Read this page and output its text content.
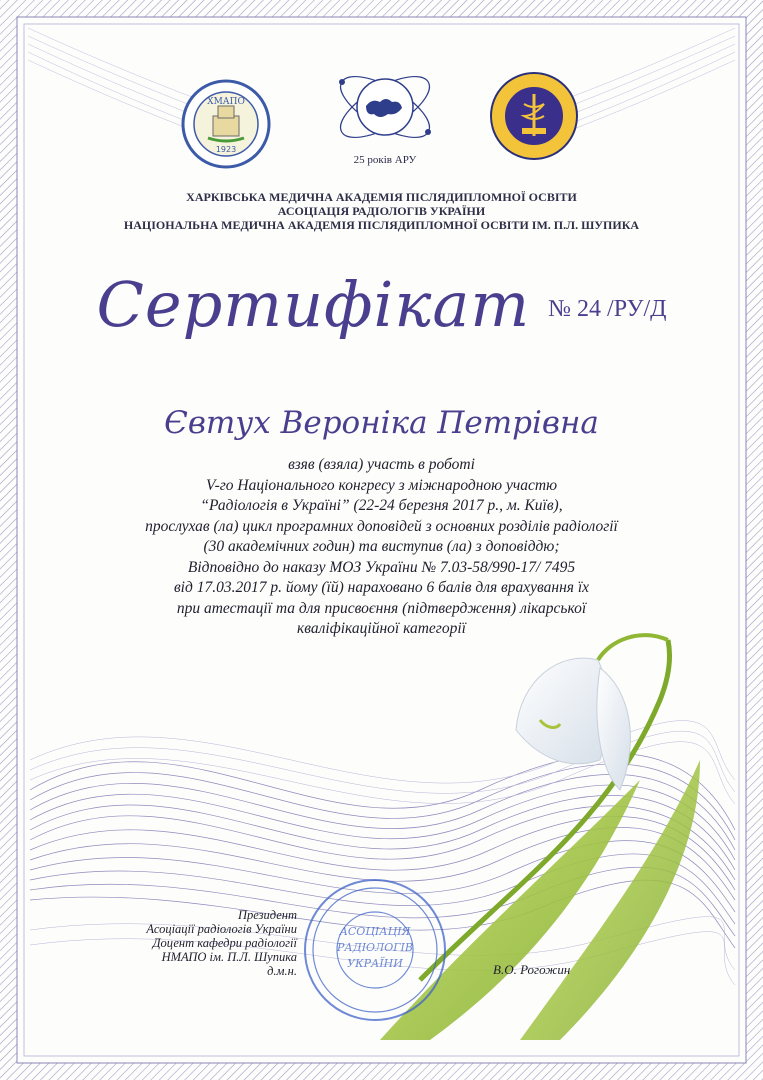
ХМАПО
1923
25 років АРУ
ХАРКІВСЬКА МЕДИЧНА АКАДЕМІЯ ПІСЛЯДИПЛОМНОЇ ОСВІТИ
АСОЦІАЦІЯ РАДІОЛОГІВ УКРАЇНИ
НАЦІОНАЛЬНА МЕДИЧНА АКАДЕМІЯ ПІСЛЯДИПЛОМНОЇ ОСВІТИ ІМ. П.Л. ШУПИКА
Сертифікат № 24 /РУ/Д
Євтух Вероніка Петрівна
взяв (взяла) участь в роботі
V-го Національного конгресу з міжнародною участю
“Радіологія в Україні” (22-24 березня 2017 р., м. Київ),
прослухав (ла) цикл програмних доповідей з основних розділів радіології
(30 академічних годин) та виступив (ла) з доповіддю;
Відповідно до наказу МОЗ України № 7.03-58/990-17/ 7495
від 17.03.2017 р. йому (їй) нараховано 6 балів для врахування їх
при атестації та для присвоєння (підтвердження) лікарської
кваліфікаційної категорії
АСОЦІАЦІЯ
РАДІОЛОГІВ
УКРАЇНИ
Президент
Асоціації радіологів України
Доцент кафедри радіології
НМАПО ім. П.Л. Шупика
д.м.н.	В.О. Рогожин
